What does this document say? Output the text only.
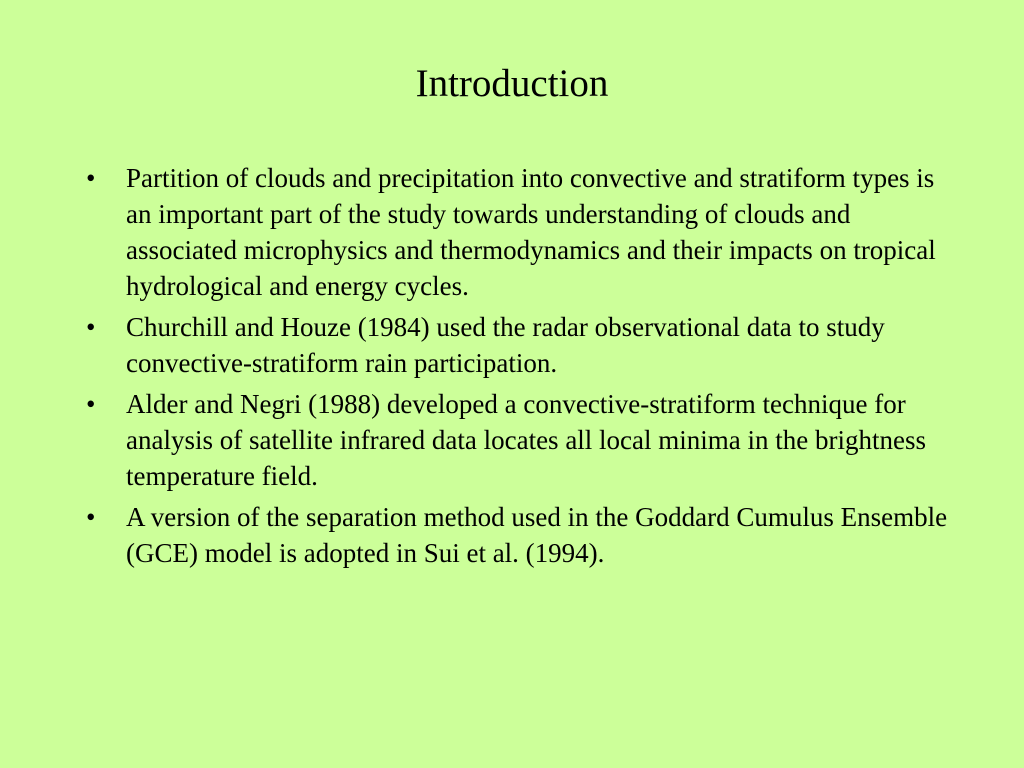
Introduction
•	Partition of clouds and precipitation into convective and stratiform types is an important part of the study towards understanding of clouds and associated microphysics and thermodynamics and their impacts on tropical hydrological and energy cycles.
•	Churchill and Houze (1984) used the radar observational data to study convective-stratiform rain participation.
•	Alder and Negri (1988) developed a convective-stratiform technique for analysis of satellite infrared data locates all local minima in the brightness temperature field.
•	A version of the separation method used in the Goddard Cumulus Ensemble (GCE) model is adopted in Sui et al. (1994).
